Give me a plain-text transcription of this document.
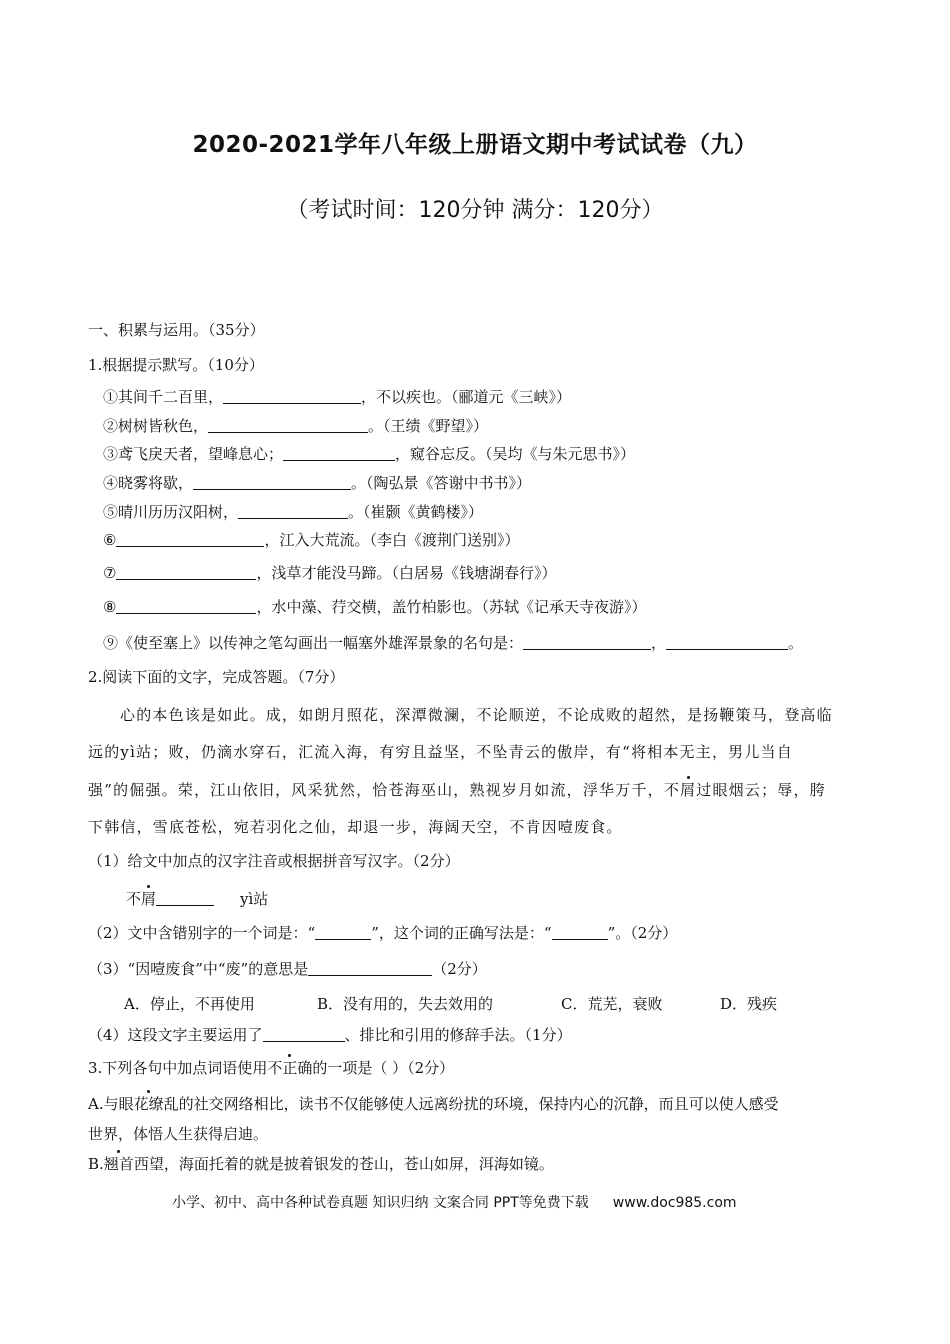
2020-2021学年八年级上册语文期中考试试卷（九）
（考试时间：120分钟 满分：120分）
一、积累与运用。（35分）
1.根据提示默写。（10分）
①其间千二百里，	，不以疾也。（郦道元《三峡》）
②树树皆秋色，	。（王绩《野望》）
③鸢飞戾天者，望峰息心；	，窥谷忘反。（吴均《与朱元思书》）
④晓雾将歇，	。（陶弘景《答谢中书书》）
⑤晴川历历汉阳树，	。（崔颢《黄鹤楼》）
⑥	，江入大荒流。（李白《渡荆门送别》）
⑦	，浅草才能没马蹄。（白居易《钱塘湖春行》）
⑧	，水中藻、荇交横，盖竹柏影也。（苏轼《记承天寺夜游》）
⑨《使至塞上》以传神之笔勾画出一幅塞外雄浑景象的名句是：	，	。
2.阅读下面的文字，完成答题。（7分）
心的本色该是如此。成，如朗月照花，深潭微澜，不论顺逆，不论成败的超然，是扬鞭策马，登高临
远的yì站；败，仍滴水穿石，汇流入海，有穷且益坚，不坠青云的傲岸，有“将相本无主，男儿当自
强”的倔强。荣，江山依旧，风采犹然，恰苍海巫山，熟视岁月如流，浮华万千，不屑过眼烟云；辱，胯
下韩信，雪底苍松，宛若羽化之仙，却退一步，海阔天空，不肯因噎废食。
（1）给文中加点的汉字注音或根据拼音写汉字。（2分）
不屑	yì站
（2）文中含错别字的一个词是：“	”，这个词的正确写法是：“	”。（2分）
（3）“因噎废食”中“废”的意思是	（2分）
A．停止，不再使用	B．没有用的，失去效用的	C．荒芜，衰败	D．残疾
（4）这段文字主要运用了	、排比和引用的修辞手法。（1分）
3.下列各句中加点词语使用不正确的一项是（ ）（2分）
A.与眼花缭乱的社交网络相比，读书不仅能够使人远离纷扰的环境，保持内心的沉静，而且可以使人感受
世界，体悟人生获得启迪。
B.翘首西望，海面托着的就是披着银发的苍山，苍山如屏，洱海如镜。
小学、初中、高中各种试卷真题 知识归纳 文案合同 PPT等免费下载 www.doc985.com
